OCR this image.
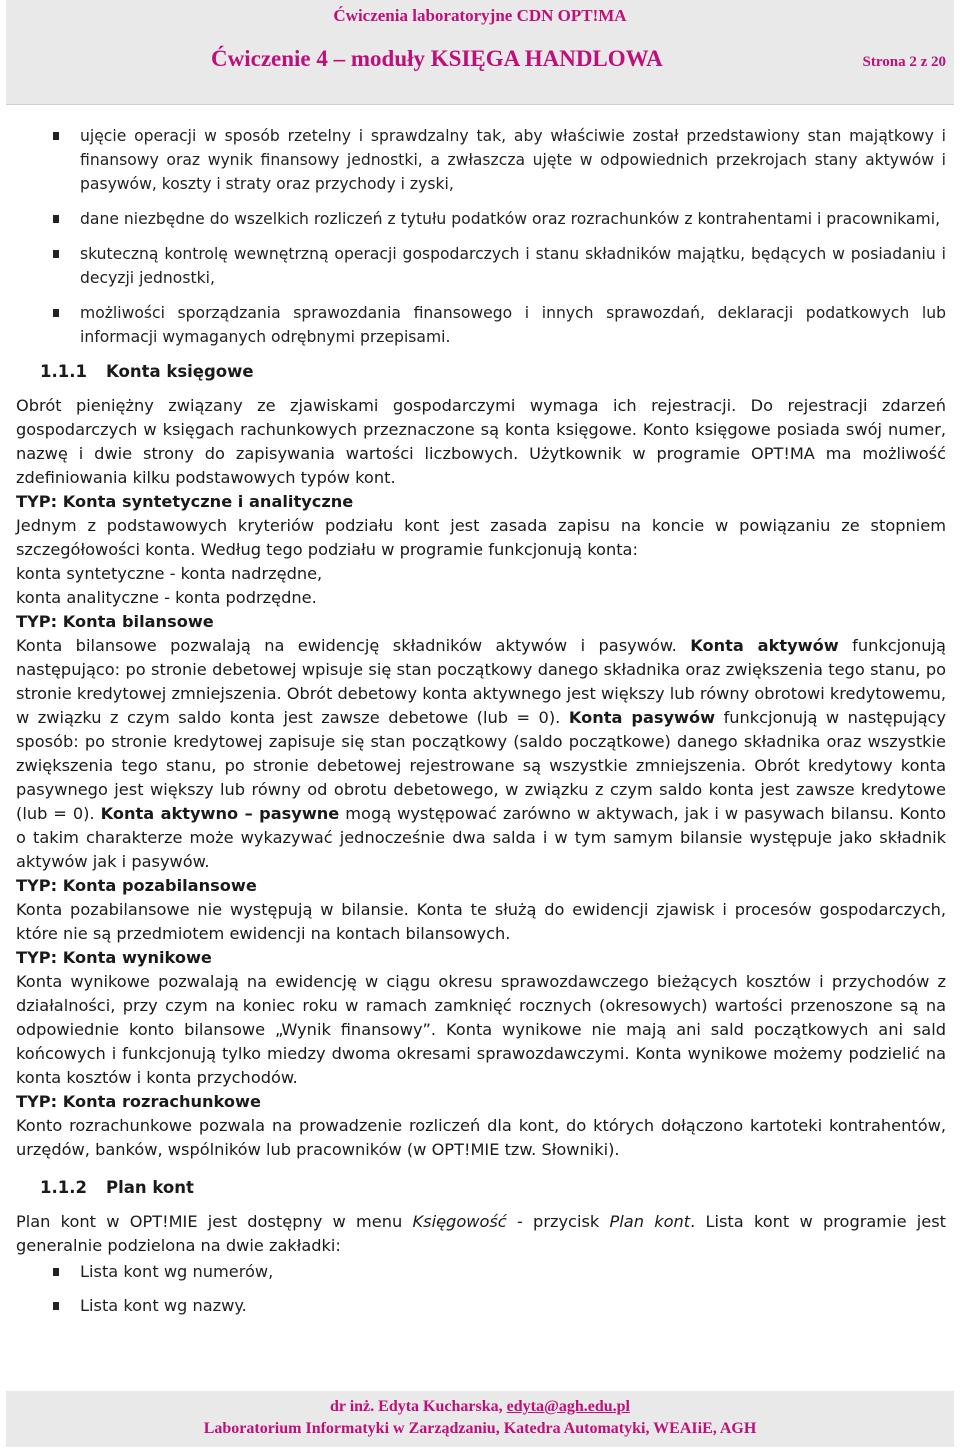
Ćwiczenia laboratoryjne CDN OPT!MA
Ćwiczenie 4 – moduły KSIĘGA HANDLOWA	Strona 2 z 20
ujęcie operacji w sposób rzetelny i sprawdzalny tak, aby właściwie został przedstawiony stan majątkowy i finansowy oraz wynik finansowy jednostki, a zwłaszcza ujęte w odpowiednich przekrojach stany aktywów i pasywów, koszty i straty oraz przychody i zyski,
dane niezbędne do wszelkich rozliczeń z tytułu podatków oraz rozrachunków z kontrahentami i pracownikami,
skuteczną kontrolę wewnętrzną operacji gospodarczych i stanu składników majątku, będących w posiadaniu i decyzji jednostki,
możliwości sporządzania sprawozdania finansowego i innych sprawozdań, deklaracji podatkowych lub informacji wymaganych odrębnymi przepisami.
1.1.1 Konta księgowe

Obrót pieniężny związany ze zjawiskami gospodarczymi wymaga ich rejestracji. Do rejestracji zdarzeń gospodarczych w księgach rachunkowych przeznaczone są konta księgowe. Konto księgowe posiada swój numer, nazwę i dwie strony do zapisywania wartości liczbowych. Użytkownik w programie OPT!MA ma możliwość zdefiniowania kilku podstawowych typów kont.

TYP: Konta syntetyczne i analityczne

Jednym z podstawowych kryteriów podziału kont jest zasada zapisu na koncie w powiązaniu ze stopniem szczegółowości konta. Według tego podziału w programie funkcjonują konta:

konta syntetyczne - konta nadrzędne,

konta analityczne - konta podrzędne.

TYP: Konta bilansowe

Konta bilansowe pozwalają na ewidencję składników aktywów i pasywów. Konta aktywów funkcjonują następująco: po stronie debetowej wpisuje się stan początkowy danego składnika oraz zwiększenia tego stanu, po stronie kredytowej zmniejszenia. Obrót debetowy konta aktywnego jest większy lub równy obrotowi kredytowemu, w związku z czym saldo konta jest zawsze debetowe (lub = 0). Konta pasywów funkcjonują w następujący sposób: po stronie kredytowej zapisuje się stan początkowy (saldo początkowe) danego składnika oraz wszystkie zwiększenia tego stanu, po stronie debetowej rejestrowane są wszystkie zmniejszenia. Obrót kredytowy konta pasywnego jest większy lub równy od obrotu debetowego, w związku z czym saldo konta jest zawsze kredytowe (lub = 0). Konta aktywno – pasywne mogą występować zarówno w aktywach, jak i w pasywach bilansu. Konto o takim charakterze może wykazywać jednocześnie dwa salda i w tym samym bilansie występuje jako składnik aktywów jak i pasywów.

TYP: Konta pozabilansowe

Konta pozabilansowe nie występują w bilansie. Konta te służą do ewidencji zjawisk i procesów gospodarczych, które nie są przedmiotem ewidencji na kontach bilansowych.

TYP: Konta wynikowe

Konta wynikowe pozwalają na ewidencję w ciągu okresu sprawozdawczego bieżących kosztów i przychodów z działalności, przy czym na koniec roku w ramach zamknięć rocznych (okresowych) wartości przenoszone są na odpowiednie konto bilansowe „Wynik finansowy”. Konta wynikowe nie mają ani sald początkowych ani sald końcowych i funkcjonują tylko miedzy dwoma okresami sprawozdawczymi. Konta wynikowe możemy podzielić na konta kosztów i konta przychodów.

TYP: Konta rozrachunkowe

Konto rozrachunkowe pozwala na prowadzenie rozliczeń dla kont, do których dołączono kartoteki kontrahentów, urzędów, banków, wspólników lub pracowników (w OPT!MIE tzw. Słowniki).

1.1.2 Plan kont

Plan kont w OPT!MIE jest dostępny w menu Księgowość - przycisk Plan kont. Lista kont w programie jest generalnie podzielona na dwie zakładki:

Lista kont wg numerów,
Lista kont wg nazwy.
dr inż. Edyta Kucharska, edyta@agh.edu.pl
Laboratorium Informatyki w Zarządzaniu, Katedra Automatyki, WEAIiE, AGH
